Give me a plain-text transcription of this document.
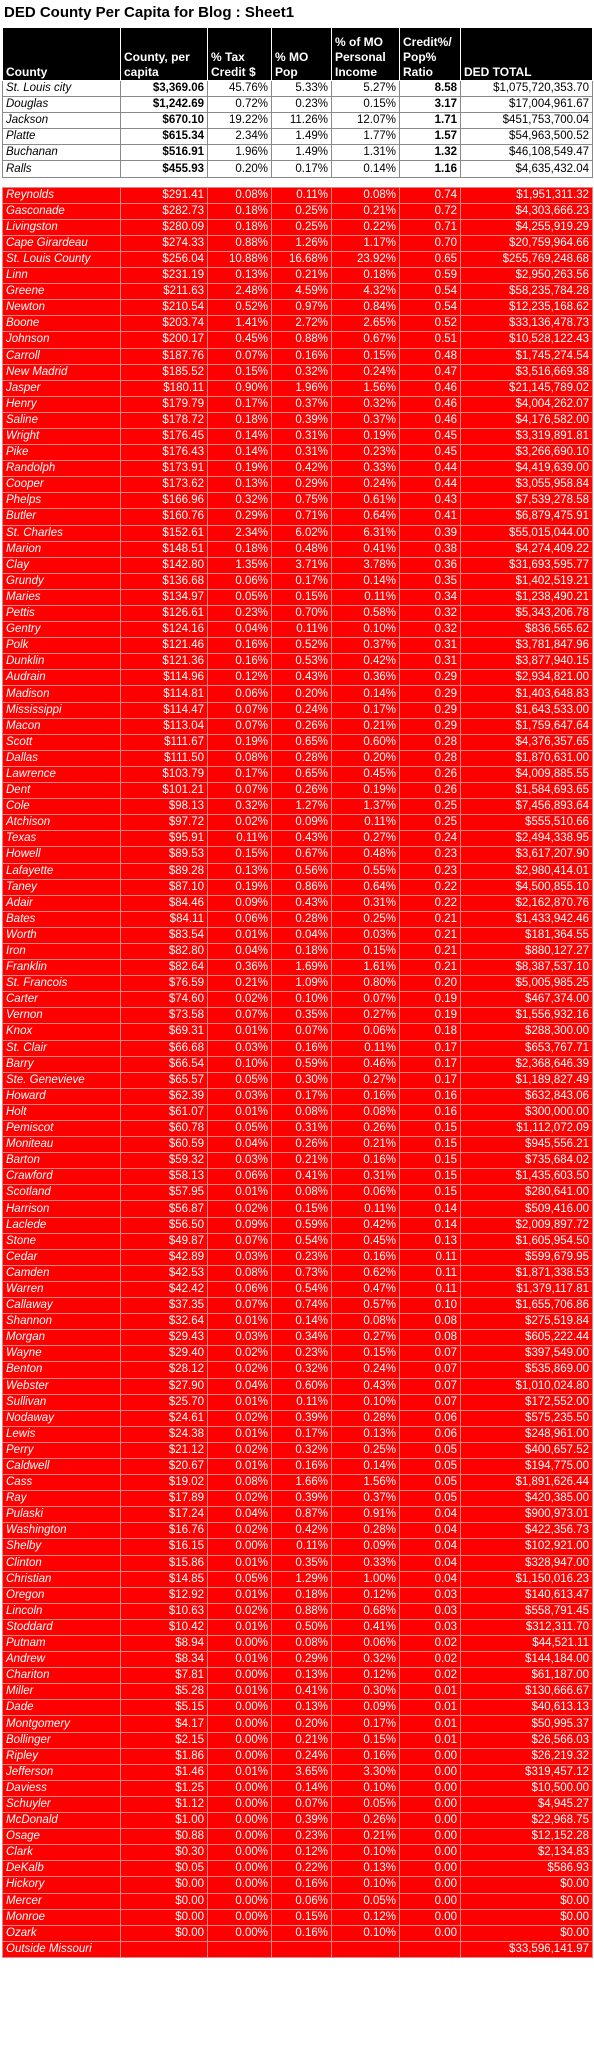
DED County Per Capita for Blog : Sheet1
County	County, per capita	% Tax Credit $	% MO Pop	% of MO Personal Income	Credit%/ Pop% Ratio	DED TOTAL
St. Louis city	$3,369.06	45.76%	5.33%	5.27%	8.58	$1,075,720,353.70
Douglas	$1,242.69	0.72%	0.23%	0.15%	3.17	$17,004,961.67
Jackson	$670.10	19.22%	11.26%	12.07%	1.71	$451,753,700.04
Platte	$615.34	2.34%	1.49%	1.77%	1.57	$54,963,500.52
Buchanan	$516.91	1.96%	1.49%	1.31%	1.32	$46,108,549.47
Ralls	$455.93	0.20%	0.17%	0.14%	1.16	$4,635,432.04

Reynolds	$291.41	0.08%	0.11%	0.08%	0.74	$1,951,311.32
Gasconade	$282.73	0.18%	0.25%	0.21%	0.72	$4,303,666.23
Livingston	$280.09	0.18%	0.25%	0.22%	0.71	$4,255,919.29
Cape Girardeau	$274.33	0.88%	1.26%	1.17%	0.70	$20,759,964.66
St. Louis County	$256.04	10.88%	16.68%	23.92%	0.65	$255,769,248.68
Linn	$231.19	0.13%	0.21%	0.18%	0.59	$2,950,263.56
Greene	$211.63	2.48%	4.59%	4.32%	0.54	$58,235,784.28
Newton	$210.54	0.52%	0.97%	0.84%	0.54	$12,235,168.62
Boone	$203.74	1.41%	2.72%	2.65%	0.52	$33,136,478.73
Johnson	$200.17	0.45%	0.88%	0.67%	0.51	$10,528,122.43
Carroll	$187.76	0.07%	0.16%	0.15%	0.48	$1,745,274.54
New Madrid	$185.52	0.15%	0.32%	0.24%	0.47	$3,516,669.38
Jasper	$180.11	0.90%	1.96%	1.56%	0.46	$21,145,789.02
Henry	$179.79	0.17%	0.37%	0.32%	0.46	$4,004,262.07
Saline	$178.72	0.18%	0.39%	0.37%	0.46	$4,176,582.00
Wright	$176.45	0.14%	0.31%	0.19%	0.45	$3,319,891.81
Pike	$176.43	0.14%	0.31%	0.23%	0.45	$3,266,690.10
Randolph	$173.91	0.19%	0.42%	0.33%	0.44	$4,419,639.00
Cooper	$173.62	0.13%	0.29%	0.24%	0.44	$3,055,958.84
Phelps	$166.96	0.32%	0.75%	0.61%	0.43	$7,539,278.58
Butler	$160.76	0.29%	0.71%	0.64%	0.41	$6,879,475.91
St. Charles	$152.61	2.34%	6.02%	6.31%	0.39	$55,015,044.00
Marion	$148.51	0.18%	0.48%	0.41%	0.38	$4,274,409.22
Clay	$142.80	1.35%	3.71%	3.78%	0.36	$31,693,595.77
Grundy	$136.68	0.06%	0.17%	0.14%	0.35	$1,402,519.21
Maries	$134.97	0.05%	0.15%	0.11%	0.34	$1,238,490.21
Pettis	$126.61	0.23%	0.70%	0.58%	0.32	$5,343,206.78
Gentry	$124.16	0.04%	0.11%	0.10%	0.32	$836,565.62
Polk	$121.46	0.16%	0.52%	0.37%	0.31	$3,781,847.96
Dunklin	$121.36	0.16%	0.53%	0.42%	0.31	$3,877,940.15
Audrain	$114.96	0.12%	0.43%	0.36%	0.29	$2,934,821.00
Madison	$114.81	0.06%	0.20%	0.14%	0.29	$1,403,648.83
Mississippi	$114.47	0.07%	0.24%	0.17%	0.29	$1,643,533.00
Macon	$113.04	0.07%	0.26%	0.21%	0.29	$1,759,647.64
Scott	$111.67	0.19%	0.65%	0.60%	0.28	$4,376,357.65
Dallas	$111.50	0.08%	0.28%	0.20%	0.28	$1,870,631.00
Lawrence	$103.79	0.17%	0.65%	0.45%	0.26	$4,009,885.55
Dent	$101.21	0.07%	0.26%	0.19%	0.26	$1,584,693.65
Cole	$98.13	0.32%	1.27%	1.37%	0.25	$7,456,893.64
Atchison	$97.72	0.02%	0.09%	0.11%	0.25	$555,510.66
Texas	$95.91	0.11%	0.43%	0.27%	0.24	$2,494,338.95
Howell	$89.53	0.15%	0.67%	0.48%	0.23	$3,617,207.90
Lafayette	$89.28	0.13%	0.56%	0.55%	0.23	$2,980,414.01
Taney	$87.10	0.19%	0.86%	0.64%	0.22	$4,500,855.10
Adair	$84.46	0.09%	0.43%	0.31%	0.22	$2,162,870.76
Bates	$84.11	0.06%	0.28%	0.25%	0.21	$1,433,942.46
Worth	$83.54	0.01%	0.04%	0.03%	0.21	$181,364.55
Iron	$82.80	0.04%	0.18%	0.15%	0.21	$880,127.27
Franklin	$82.64	0.36%	1.69%	1.61%	0.21	$8,387,537.10
St. Francois	$76.59	0.21%	1.09%	0.80%	0.20	$5,005,985.25
Carter	$74.60	0.02%	0.10%	0.07%	0.19	$467,374.00
Vernon	$73.58	0.07%	0.35%	0.27%	0.19	$1,556,932.16
Knox	$69.31	0.01%	0.07%	0.06%	0.18	$288,300.00
St. Clair	$66.68	0.03%	0.16%	0.11%	0.17	$653,767.71
Barry	$66.54	0.10%	0.59%	0.46%	0.17	$2,368,646.39
Ste. Genevieve	$65.57	0.05%	0.30%	0.27%	0.17	$1,189,827.49
Howard	$62.39	0.03%	0.17%	0.16%	0.16	$632,843.06
Holt	$61.07	0.01%	0.08%	0.08%	0.16	$300,000.00
Pemiscot	$60.78	0.05%	0.31%	0.26%	0.15	$1,112,072.09
Moniteau	$60.59	0.04%	0.26%	0.21%	0.15	$945,556.21
Barton	$59.32	0.03%	0.21%	0.16%	0.15	$735,684.02
Crawford	$58.13	0.06%	0.41%	0.31%	0.15	$1,435,603.50
Scotland	$57.95	0.01%	0.08%	0.06%	0.15	$280,641.00
Harrison	$56.87	0.02%	0.15%	0.11%	0.14	$509,416.00
Laclede	$56.50	0.09%	0.59%	0.42%	0.14	$2,009,897.72
Stone	$49.87	0.07%	0.54%	0.45%	0.13	$1,605,954.50
Cedar	$42.89	0.03%	0.23%	0.16%	0.11	$599,679.95
Camden	$42.53	0.08%	0.73%	0.62%	0.11	$1,871,338.53
Warren	$42.42	0.06%	0.54%	0.47%	0.11	$1,379,117.81
Callaway	$37.35	0.07%	0.74%	0.57%	0.10	$1,655,706.86
Shannon	$32.64	0.01%	0.14%	0.08%	0.08	$275,519.84
Morgan	$29.43	0.03%	0.34%	0.27%	0.08	$605,222.44
Wayne	$29.40	0.02%	0.23%	0.15%	0.07	$397,549.00
Benton	$28.12	0.02%	0.32%	0.24%	0.07	$535,869.00
Webster	$27.90	0.04%	0.60%	0.43%	0.07	$1,010,024.80
Sullivan	$25.70	0.01%	0.11%	0.10%	0.07	$172,552.00
Nodaway	$24.61	0.02%	0.39%	0.28%	0.06	$575,235.50
Lewis	$24.38	0.01%	0.17%	0.13%	0.06	$248,961.00
Perry	$21.12	0.02%	0.32%	0.25%	0.05	$400,657.52
Caldwell	$20.67	0.01%	0.16%	0.14%	0.05	$194,775.00
Cass	$19.02	0.08%	1.66%	1.56%	0.05	$1,891,626.44
Ray	$17.89	0.02%	0.39%	0.37%	0.05	$420,385.00
Pulaski	$17.24	0.04%	0.87%	0.91%	0.04	$900,973.01
Washington	$16.76	0.02%	0.42%	0.28%	0.04	$422,356.73
Shelby	$16.15	0.00%	0.11%	0.09%	0.04	$102,921.00
Clinton	$15.86	0.01%	0.35%	0.33%	0.04	$328,947.00
Christian	$14.85	0.05%	1.29%	1.00%	0.04	$1,150,016.23
Oregon	$12.92	0.01%	0.18%	0.12%	0.03	$140,613.47
Lincoln	$10.63	0.02%	0.88%	0.68%	0.03	$558,791.45
Stoddard	$10.42	0.01%	0.50%	0.41%	0.03	$312,311.70
Putnam	$8.94	0.00%	0.08%	0.06%	0.02	$44,521.11
Andrew	$8.34	0.01%	0.29%	0.32%	0.02	$144,184.00
Chariton	$7.81	0.00%	0.13%	0.12%	0.02	$61,187.00
Miller	$5.28	0.01%	0.41%	0.30%	0.01	$130,666.67
Dade	$5.15	0.00%	0.13%	0.09%	0.01	$40,613.13
Montgomery	$4.17	0.00%	0.20%	0.17%	0.01	$50,995.37
Bollinger	$2.15	0.00%	0.21%	0.15%	0.01	$26,566.03
Ripley	$1.86	0.00%	0.24%	0.16%	0.00	$26,219.32
Jefferson	$1.46	0.01%	3.65%	3.30%	0.00	$319,457.12
Daviess	$1.25	0.00%	0.14%	0.10%	0.00	$10,500.00
Schuyler	$1.12	0.00%	0.07%	0.05%	0.00	$4,945.27
McDonald	$1.00	0.00%	0.39%	0.26%	0.00	$22,968.75
Osage	$0.88	0.00%	0.23%	0.21%	0.00	$12,152.28
Clark	$0.30	0.00%	0.12%	0.10%	0.00	$2,134.83
DeKalb	$0.05	0.00%	0.22%	0.13%	0.00	$586.93
Hickory	$0.00	0.00%	0.16%	0.10%	0.00	$0.00
Mercer	$0.00	0.00%	0.06%	0.05%	0.00	$0.00
Monroe	$0.00	0.00%	0.15%	0.12%	0.00	$0.00
Ozark	$0.00	0.00%	0.16%	0.10%	0.00	$0.00
Outside Missouri						$33,596,141.97
